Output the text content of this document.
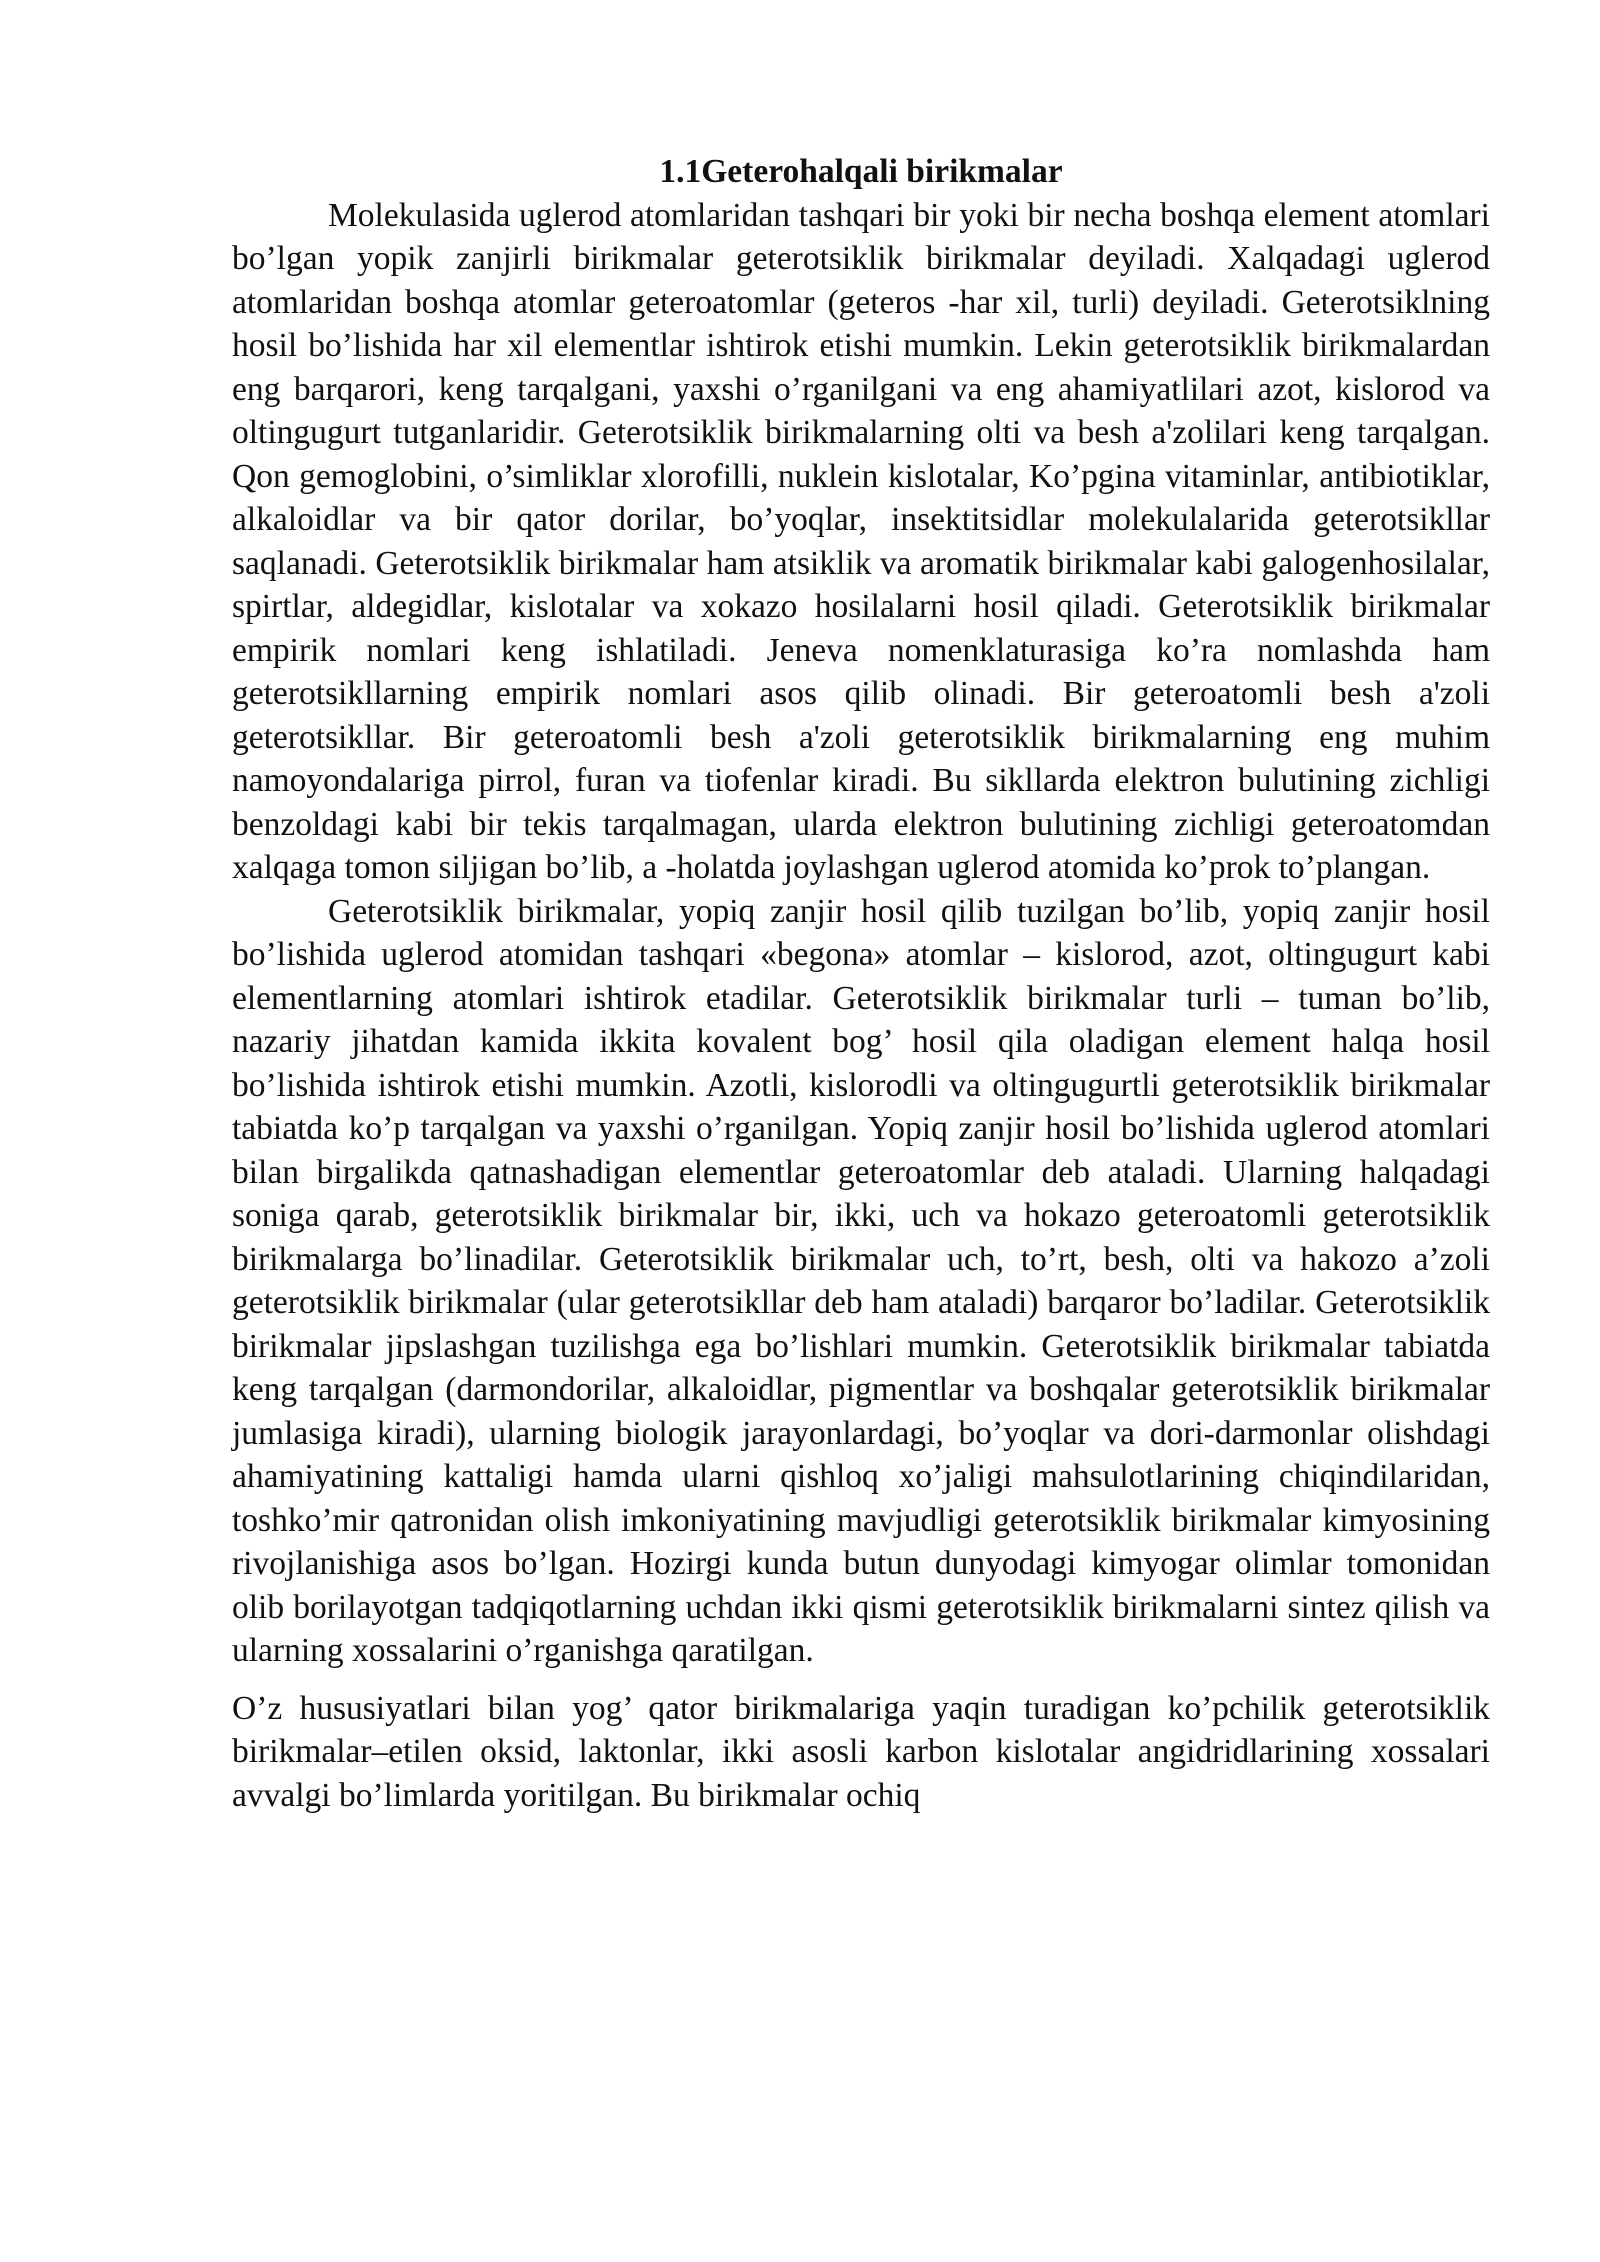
1.1Geterohalqali birikmalar

Molekulasida uglerod atomlaridan tashqari bir yoki bir necha boshqa element atomlari bo’lgan yopik zanjirli birikmalar geterotsiklik birikmalar deyiladi. Xalqadagi uglerod atomlaridan boshqa atomlar geteroatomlar (geteros -har xil, turli) deyiladi. Geterotsiklning hosil bo’lishida har xil elementlar ishtirok etishi mumkin. Lekin geterotsiklik birikmalardan eng barqarori, keng tarqalgani, yaxshi o’rganilgani va eng ahamiyatlilari azot, kislorod va oltingugurt tutganlaridir. Geterotsiklik birikmalarning olti va besh a'zolilari keng tarqalgan. Qon gemoglobini, o’simliklar xlorofilli, nuklein kislotalar, Ko’pgina vitaminlar, antibiotiklar, alkaloidlar va bir qator dorilar, bo’yoqlar, insektitsidlar molekulalarida geterotsikllar saqlanadi. Geterotsiklik birikmalar ham atsiklik va aromatik birikmalar kabi galogenhosilalar, spirtlar, aldegidlar, kislotalar va xokazo hosilalarni hosil qiladi. Geterotsiklik birikmalar empirik nomlari keng ishlatiladi. Jeneva nomenklaturasiga ko’ra nomlashda ham geterotsikllarning empirik nomlari asos qilib olinadi. Bir geteroatomli besh a'zoli geterotsikllar. Bir geteroatomli besh a'zoli geterotsiklik birikmalarning eng muhim namoyondalariga pirrol, furan va tiofenlar kiradi. Bu sikllarda elektron bulutining zichligi benzoldagi kabi bir tekis tarqalmagan, ularda elektron bulutining zichligi geteroatomdan xalqaga tomon siljigan bo’lib, a -holatda joylashgan uglerod atomida ko’prok to’plangan.

Geterotsiklik birikmalar, yopiq zanjir hosil qilib tuzilgan bo’lib, yopiq zanjir hosil bo’lishida uglerod atomidan tashqari «begona» atomlar – kislorod, azot, oltingugurt kabi elementlarning atomlari ishtirok etadilar. Geterotsiklik birikmalar turli – tuman bo’lib, nazariy jihatdan kamida ikkita kovalent bog’ hosil qila oladigan element halqa hosil bo’lishida ishtirok etishi mumkin. Azotli, kislorodli va oltingugurtli geterotsiklik birikmalar tabiatda ko’p tarqalgan va yaxshi o’rganilgan. Yopiq zanjir hosil bo’lishida uglerod atomlari bilan birgalikda qatnashadigan elementlar geteroatomlar deb ataladi. Ularning halqadagi soniga qarab, geterotsiklik birikmalar bir, ikki, uch va hokazo geteroatomli geterotsiklik birikmalarga bo’linadilar. Geterotsiklik birikmalar uch, to’rt, besh, olti va hakozo a’zoli geterotsiklik birikmalar (ular geterotsikllar deb ham ataladi) barqaror bo’ladilar. Geterotsiklik birikmalar jipslashgan tuzilishga ega bo’lishlari mumkin. Geterotsiklik birikmalar tabiatda keng tarqalgan (darmondorilar, alkaloidlar, pigmentlar va boshqalar geterotsiklik birikmalar jumlasiga kiradi), ularning biologik jarayonlardagi, bo’yoqlar va dori-darmonlar olishdagi ahamiyatining kattaligi hamda ularni qishloq xo’jaligi mahsulotlarining chiqindilaridan, toshko’mir qatronidan olish imkoniyatining mavjudligi geterotsiklik birikmalar kimyosining rivojlanishiga asos bo’lgan. Hozirgi kunda butun dunyodagi kimyogar olimlar tomonidan olib borilayotgan tadqiqotlarning uchdan ikki qismi geterotsiklik birikmalarni sintez qilish va ularning xossalarini o’rganishga qaratilgan.

O’z hususiyatlari bilan yog’ qator birikmalariga yaqin turadigan ko’pchilik geterotsiklik birikmalar–etilen oksid, laktonlar, ikki asosli karbon kislotalar angidridlarining xossalari avvalgi bo’limlarda yoritilgan. Bu birikmalar ochiq
